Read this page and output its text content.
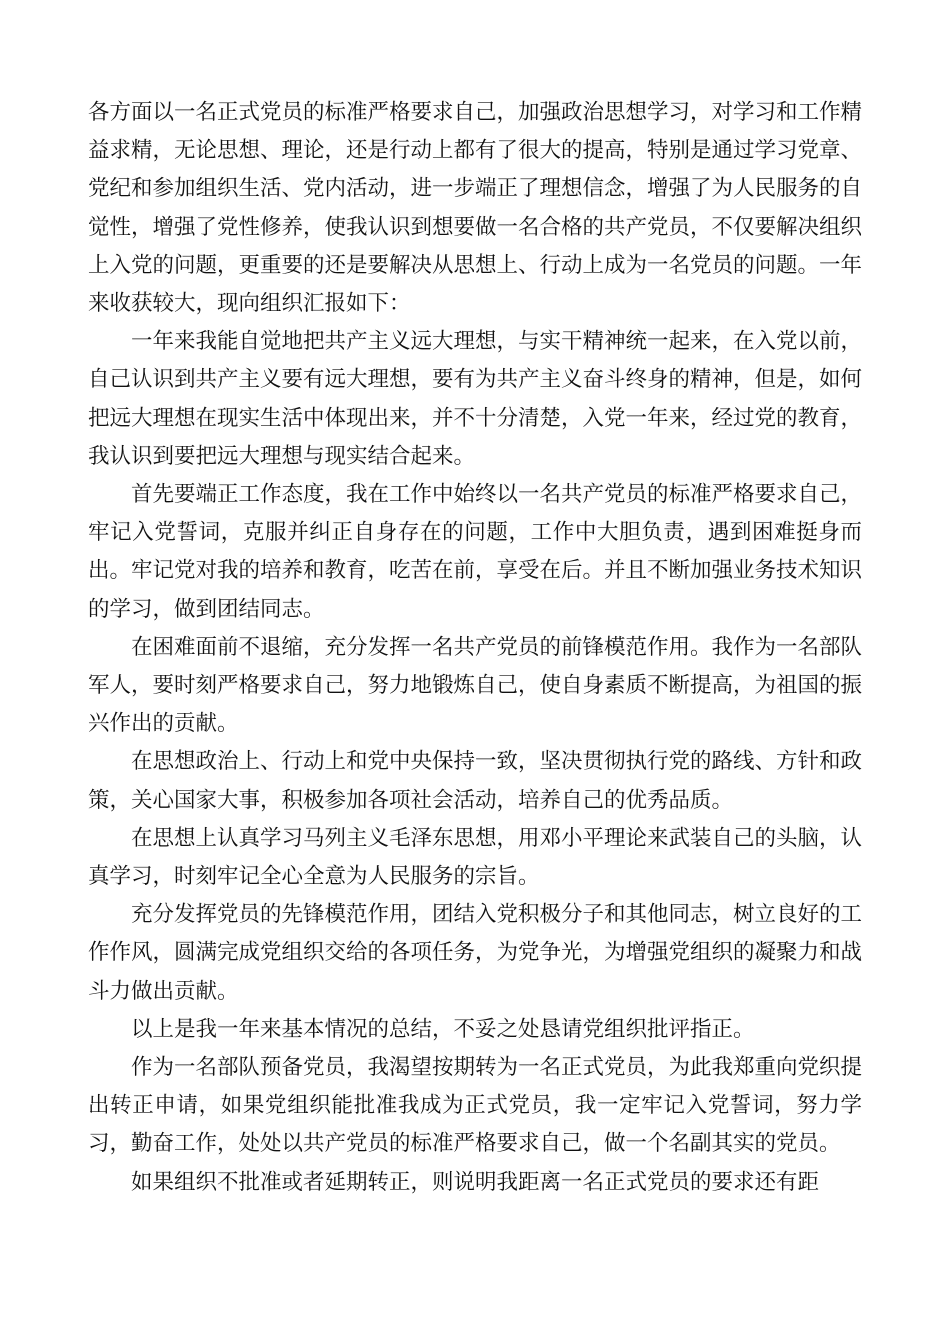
各方面以一名正式党员的标准严格要求自己，加强政治思想学习，对学习和工作精益求精，无论思想、理论，还是行动上都有了很大的提高，特别是通过学习党章、党纪和参加组织生活、党内活动，进一步端正了理想信念，增强了为人民服务的自觉性，增强了党性修养，使我认识到想要做一名合格的共产党员，不仅要解决组织上入党的问题，更重要的还是要解决从思想上、行动上成为一名党员的问题。一年来收获较大，现向组织汇报如下：

一年来我能自觉地把共产主义远大理想，与实干精神统一起来，在入党以前，自己认识到共产主义要有远大理想，要有为共产主义奋斗终身的精神，但是，如何把远大理想在现实生活中体现出来，并不十分清楚，入党一年来，经过党的教育，我认识到要把远大理想与现实结合起来。

首先要端正工作态度，我在工作中始终以一名共产党员的标准严格要求自己，牢记入党誓词，克服并纠正自身存在的问题，工作中大胆负责，遇到困难挺身而出。牢记党对我的培养和教育，吃苦在前，享受在后。并且不断加强业务技术知识的学习，做到团结同志。

在困难面前不退缩，充分发挥一名共产党员的前锋模范作用。我作为一名部队军人，要时刻严格要求自己，努力地锻炼自己，使自身素质不断提高，为祖国的振兴作出的贡献。

在思想政治上、行动上和党中央保持一致，坚决贯彻执行党的路线、方针和政策，关心国家大事，积极参加各项社会活动，培养自己的优秀品质。

在思想上认真学习马列主义毛泽东思想，用邓小平理论来武装自己的头脑，认真学习，时刻牢记全心全意为人民服务的宗旨。

充分发挥党员的先锋模范作用，团结入党积极分子和其他同志，树立良好的工作作风，圆满完成党组织交给的各项任务，为党争光，为增强党组织的凝聚力和战斗力做出贡献。

以上是我一年来基本情况的总结，不妥之处恳请党组织批评指正。

作为一名部队预备党员，我渴望按期转为一名正式党员，为此我郑重向党织提出转正申请，如果党组织能批准我成为正式党员，我一定牢记入党誓词，努力学习，勤奋工作，处处以共产党员的标准严格要求自己，做一个名副其实的党员。

如果组织不批准或者延期转正，则说明我距离一名正式党员的要求还有距
